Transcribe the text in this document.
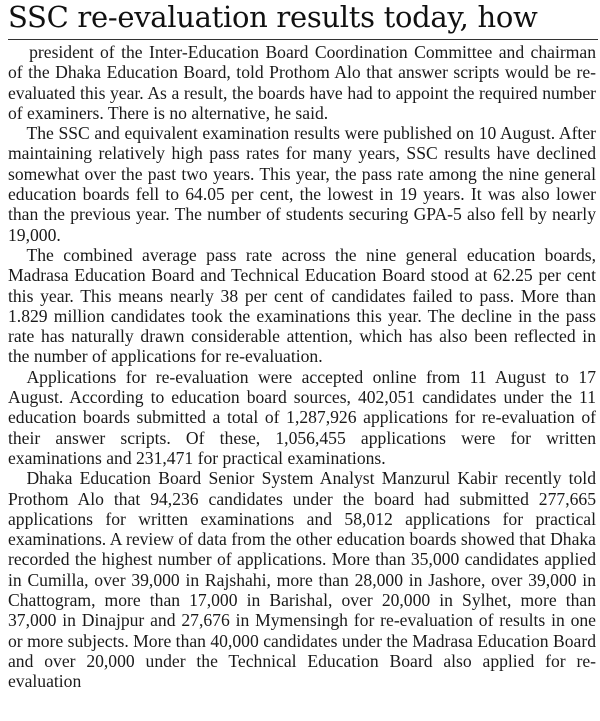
SSC re-evaluation results today, how

president of the Inter-Education Board Coordination Committee and chairman of the Dhaka Education Board, told Prothom Alo that answer scripts would be re-evaluated this year. As a result, the boards have had to appoint the required number of examiners. There is no alternative, he said.

The SSC and equivalent examination results were published on 10 August. After maintaining relatively high pass rates for many years, SSC results have declined somewhat over the past two years. This year, the pass rate among the nine general education boards fell to 64.05 per cent, the lowest in 19 years. It was also lower than the previous year. The number of students securing GPA-5 also fell by nearly 19,000.

The combined average pass rate across the nine general education boards, Madrasa Education Board and Technical Education Board stood at 62.25 per cent this year. This means nearly 38 per cent of candidates failed to pass. More than 1.829 million candidates took the examinations this year. The decline in the pass rate has naturally drawn considerable attention, which has also been reflected in the number of applications for re-evaluation.

Applications for re-evaluation were accepted online from 11 August to 17 August. According to education board sources, 402,051 candidates under the 11 education boards submitted a total of 1,287,926 applications for re-evaluation of their answer scripts. Of these, 1,056,455 applications were for written examinations and 231,471 for practical examinations.

Dhaka Education Board Senior System Analyst Manzurul Kabir recently told Prothom Alo that 94,236 candidates under the board had submitted 277,665 applications for written examinations and 58,012 applications for practical examinations. A review of data from the other education boards showed that Dhaka recorded the highest number of applications. More than 35,000 candidates applied in Cumilla, over 39,000 in Rajshahi, more than 28,000 in Jashore, over 39,000 in Chattogram, more than 17,000 in Barishal, over 20,000 in Sylhet, more than 37,000 in Dinajpur and 27,676 in Mymensingh for re-evaluation of results in one or more subjects. More than 40,000 candidates under the Madrasa Education Board and over 20,000 under the Technical Education Board also applied for re-evaluation
